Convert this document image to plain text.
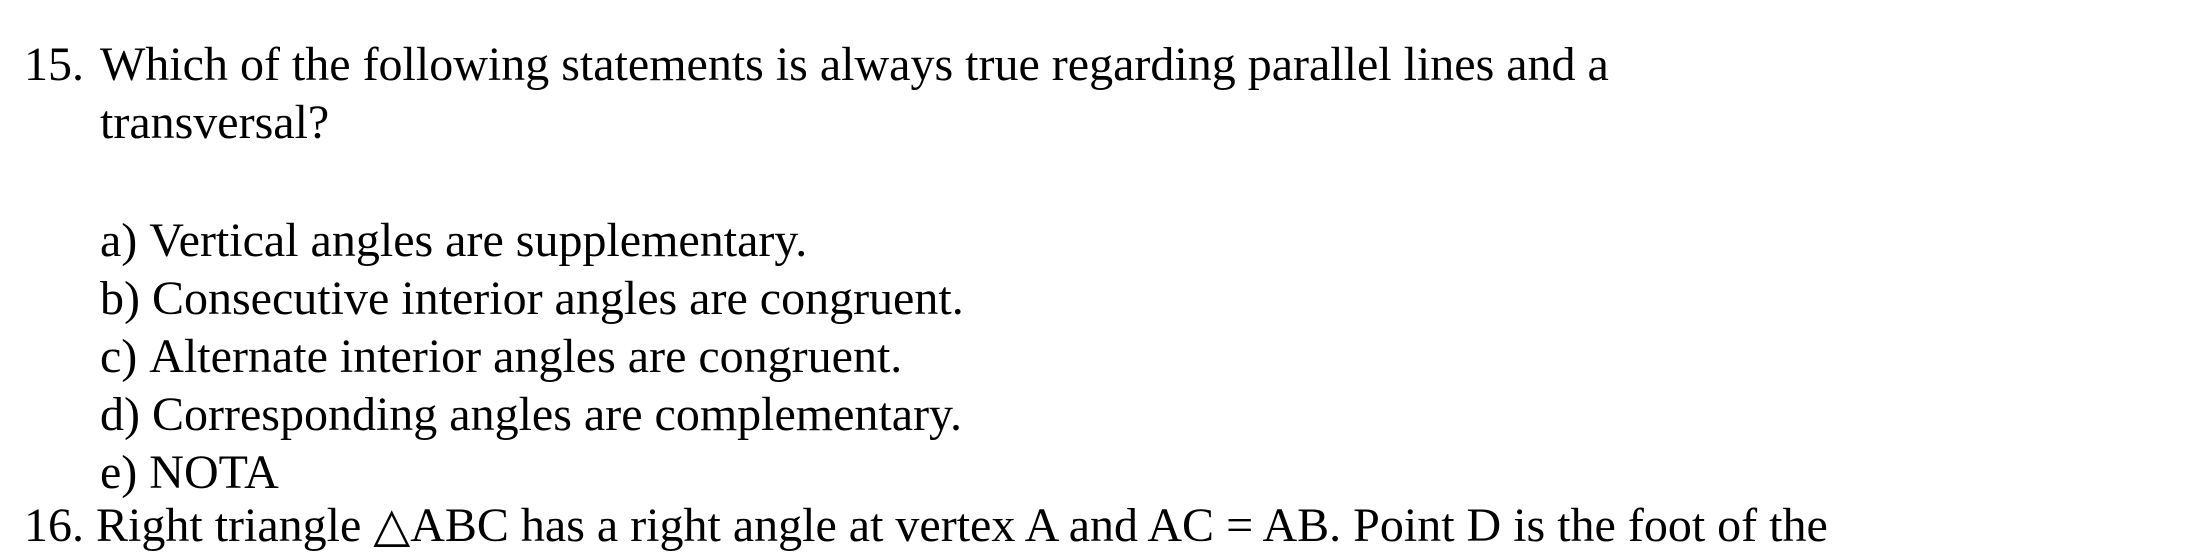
15. Which of the following statements is always true regarding parallel lines and a
transversal?
a) Vertical angles are supplementary.
b) Consecutive interior angles are congruent.
c) Alternate interior angles are congruent.
d) Corresponding angles are complementary.
e) NOTA
16. Right triangle △ABC has a right angle at vertex A and AC = AB. Point D is the foot of the
